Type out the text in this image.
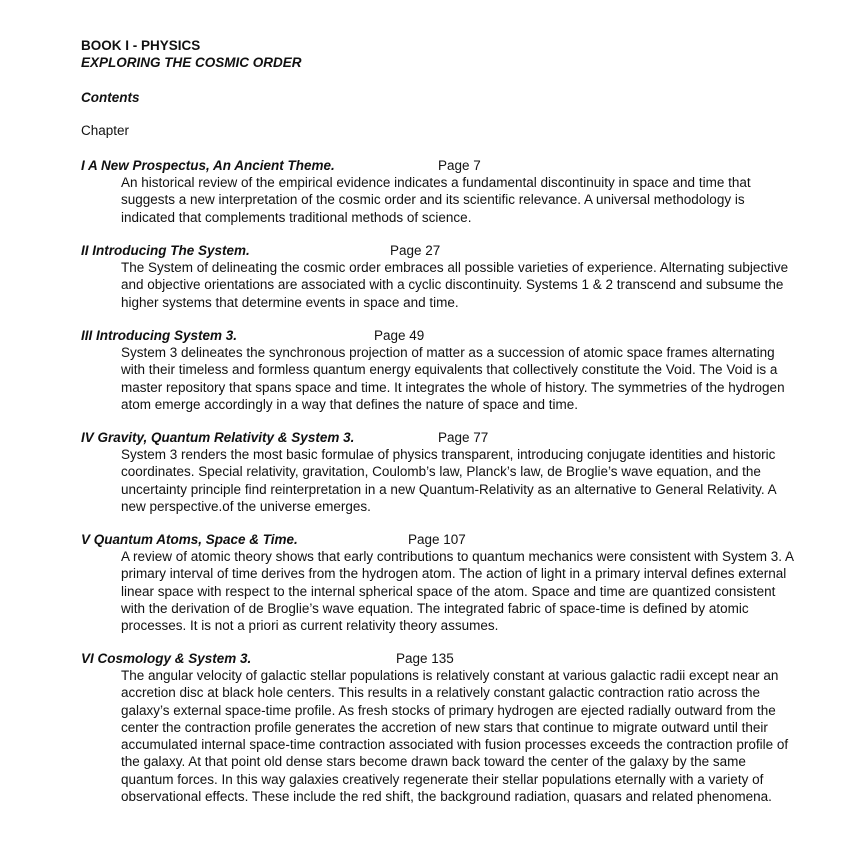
BOOK I - PHYSICS

EXPLORING THE COSMIC ORDER

Contents

Chapter

I A New Prospectus, An Ancient Theme.	Page 7

An historical review of the empirical evidence indicates a fundamental discontinuity in space and time that suggests a new interpretation of the cosmic order and its scientific relevance. A universal methodology is indicated that complements traditional methods of science.

II Introducing The System.	Page 27

The System of delineating the cosmic order embraces all possible varieties of experience. Alternating subjective and objective orientations are associated with a cyclic discontinuity. Systems 1 & 2 transcend and subsume the higher systems that determine events in space and time.

III Introducing System 3.	Page 49

System 3 delineates the synchronous projection of matter as a succession of atomic space frames alternating with their timeless and formless quantum energy equivalents that collectively constitute the Void. The Void is a master repository that spans space and time. It integrates the whole of history. The symmetries of the hydrogen atom emerge accordingly in a way that defines the nature of space and time.

IV Gravity, Quantum Relativity & System 3.	Page 77

System 3 renders the most basic formulae of physics transparent, introducing conjugate identities and historic coordinates. Special relativity, gravitation, Coulomb’s law, Planck’s law, de Broglie’s wave equation, and the uncertainty principle find reinterpretation in a new Quantum-Relativity as an alternative to General Relativity. A new perspective.of the universe emerges.

V Quantum Atoms, Space & Time.	Page 107

A review of atomic theory shows that early contributions to quantum mechanics were consistent with System 3. A primary interval of time derives from the hydrogen atom. The action of light in a primary interval defines external linear space with respect to the internal spherical space of the atom. Space and time are quantized consistent with the derivation of de Broglie’s wave equation. The integrated fabric of space-time is defined by atomic processes. It is not a priori as current relativity theory assumes.

VI Cosmology & System 3.	Page 135

The angular velocity of galactic stellar populations is relatively constant at various galactic radii except near an accretion disc at black hole centers. This results in a relatively constant galactic contraction ratio across the galaxy’s external space-time profile. As fresh stocks of primary hydrogen are ejected radially outward from the center the contraction profile generates the accretion of new stars that continue to migrate outward until their accumulated internal space-time contraction associated with fusion processes exceeds the contraction profile of the galaxy. At that point old dense stars become drawn back toward the center of the galaxy by the same quantum forces. In this way galaxies creatively regenerate their stellar populations eternally with a variety of observational effects. These include the red shift, the background radiation, quasars and related phenomena.
